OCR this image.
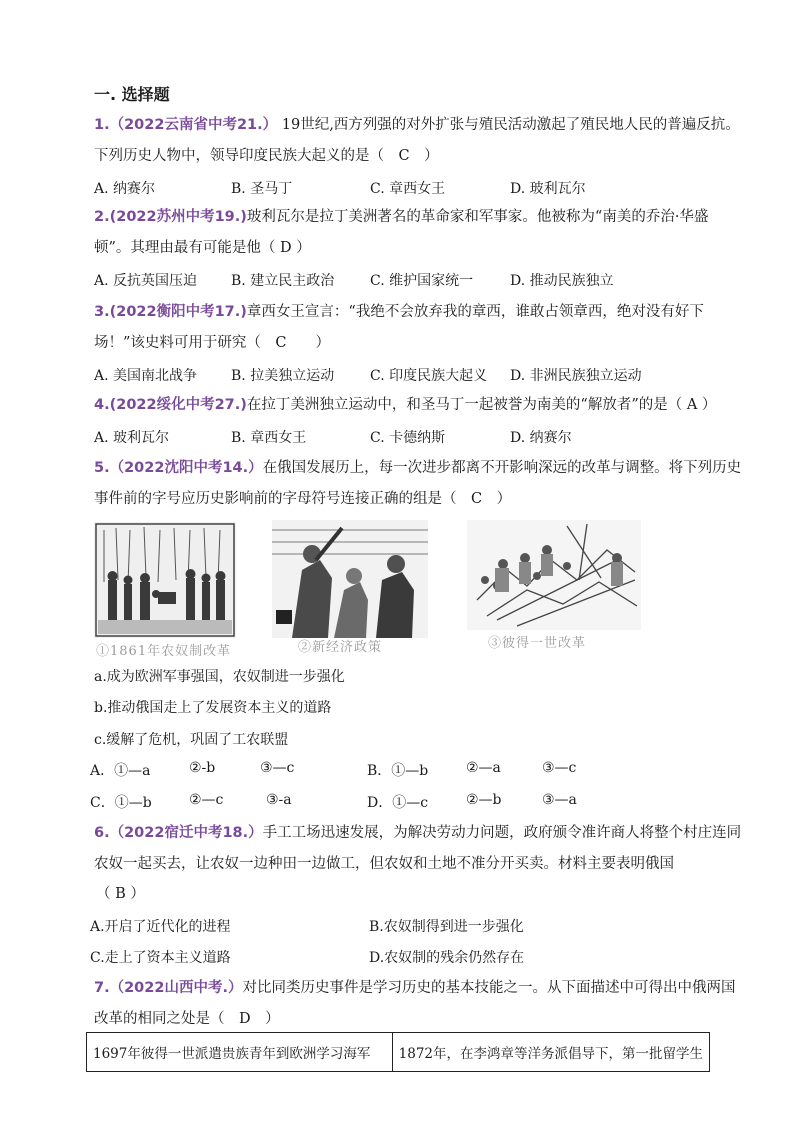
一. 选择题
1.（2022云南省中考21.） 19世纪,西方列强的对外扩张与殖民活动激起了殖民地人民的普遍反抗。
下列历史人物中，领导印度民族大起义的是（　C　）
A. 纳赛尔	B. 圣马丁	C. 章西女王	D. 玻利瓦尔
2.(2022苏州中考19.)玻利瓦尔是拉丁美洲著名的革命家和军事家。他被称为“南美的乔治·华盛
顿”。其理由最有可能是他（ D ）
A. 反抗英国压迫 B. 建立民主政治	C. 维护国家统一	D. 推动民族独立
3.(2022衡阳中考17.)章西女王宣言：“我绝不会放弃我的章西，谁敢占领章西，绝对没有好下
场！”该史料可用于研究（　C　　）
A. 美国南北战争 B. 拉美独立运动	C. 印度民族大起义 D. 非洲民族独立运动
4.(2022绥化中考27.)在拉丁美洲独立运动中，和圣马丁一起被誉为南美的“解放者”的是（ A ）
A. 玻利瓦尔	B. 章西女王	C. 卡德纳斯	D. 纳赛尔
5.（2022沈阳中考14.）在俄国发展历上，每一次进步都离不开影响深远的改革与调整。将下列历史
事件前的字号应历史影响前的字母符号连接正确的组是（　C　）
①1861年农奴制改革	②新经济政策	③彼得一世改革
a.成为欧洲军事强国，农奴制进一步强化
b.推动俄国走上了发展资本主义的道路
c.缓解了危机，巩固了工农联盟
A．①—a	②-b	③—c	B．①—b	②—a	③—c
C．①—b	②—c	③-a	D．①—c	②—b	③—a
6.（2022宿迁中考18.）手工工场迅速发展，为解决劳动力问题，政府颁令准许商人将整个村庄连同
农奴一起买去，让农奴一边种田一边做工，但农奴和土地不准分开买卖。材料主要表明俄国
（ B ）
A.开启了近代化的进程	B.农奴制得到进一步强化
C.走上了资本主义道路	D.农奴制的残余仍然存在
7.（2022山西中考.）对比同类历史事件是学习历史的基本技能之一。从下面描述中可得出中俄两国
改革的相同之处是（　D　）
1697年彼得一世派遣贵族青年到欧洲学习海军	1872年，在李鸿章等洋务派倡导下，第一批留学生
